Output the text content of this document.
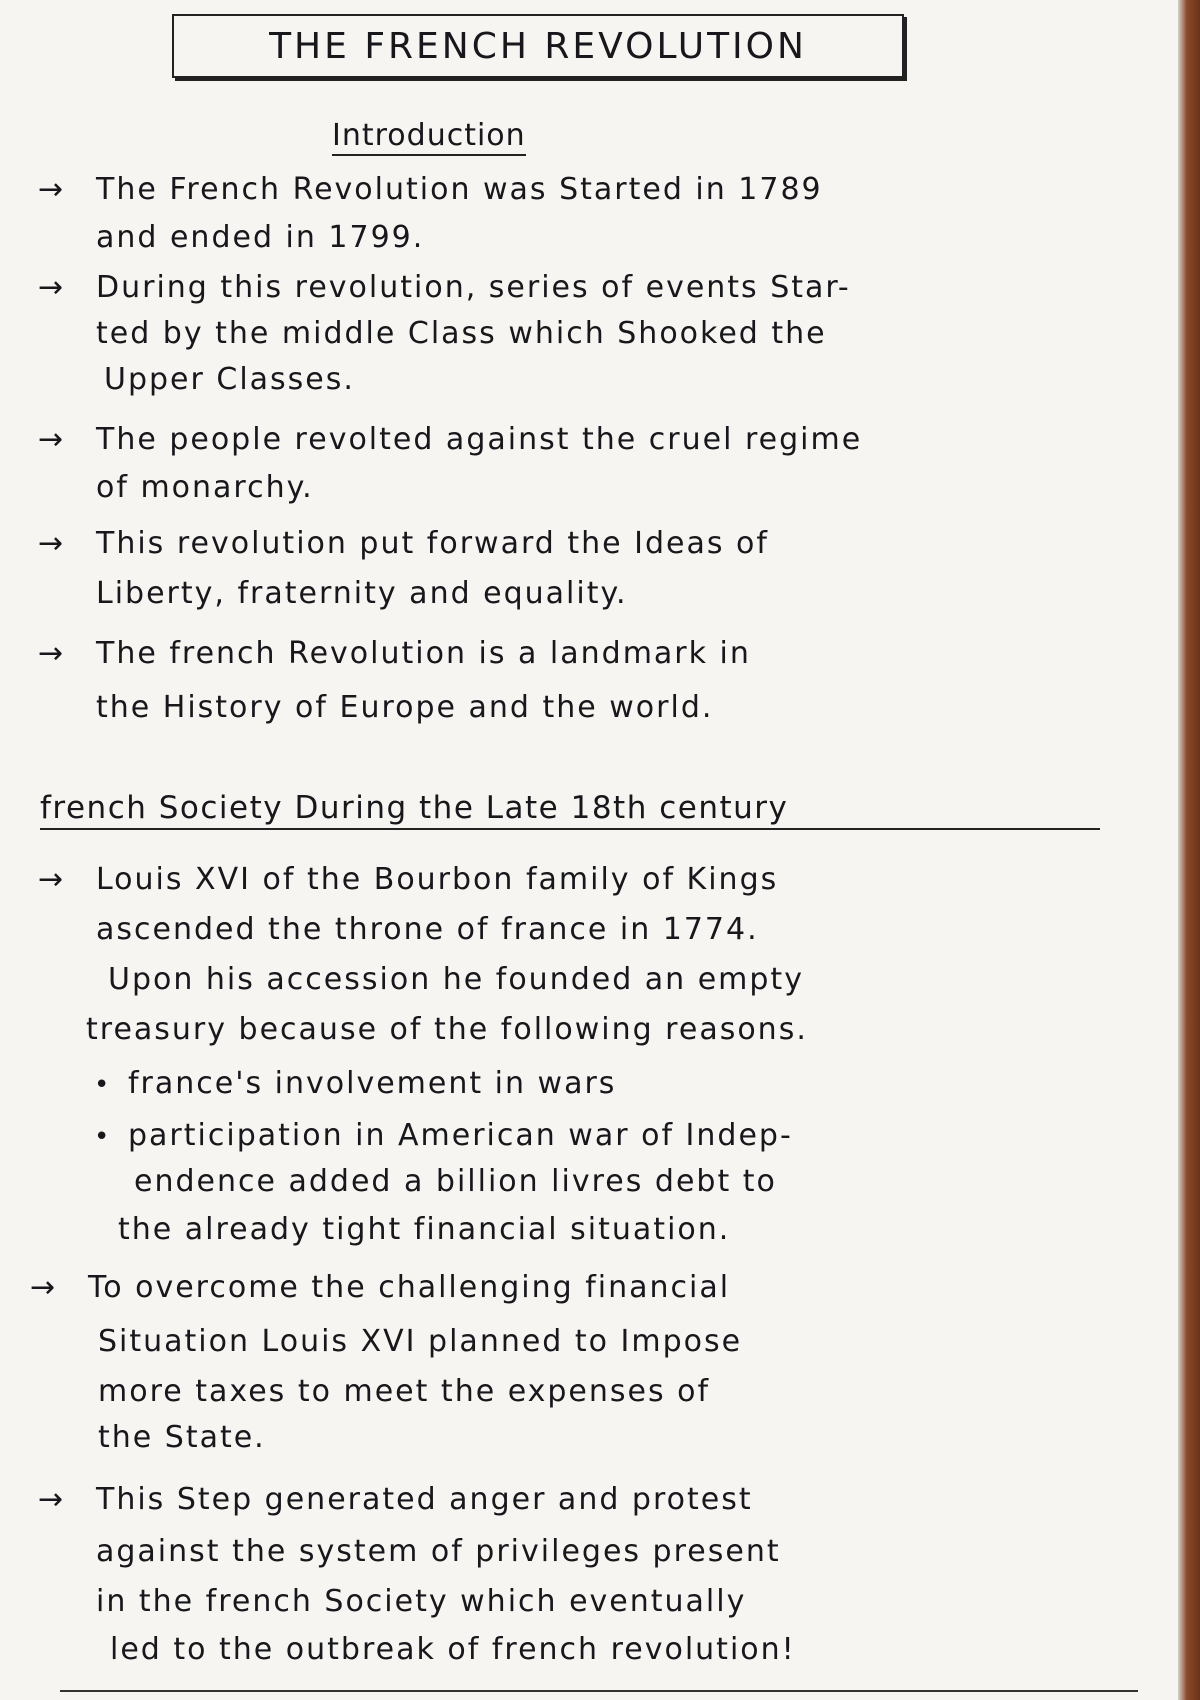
THE FRENCH REVOLUTION
Introduction
→ The French Revolution was Started in 1789
and ended in 1799.
→ During this revolution, series of events Star-
ted by the middle Class which Shooked the
Upper Classes.
→ The people revolted against the cruel regime
of monarchy.
→ This revolution put forward the Ideas of
Liberty, fraternity and equality.
→ The french Revolution is a landmark in
the History of Europe and the world.
french Society During the Late 18th century
→ Louis XVI of the Bourbon family of Kings
ascended the throne of france in 1774.
Upon his accession he founded an empty
treasury because of the following reasons.
• france's involvement in wars
• participation in American war of Indep-
endence added a billion livres debt to
the already tight financial situation.
→ To overcome the challenging financial
Situation Louis XVI planned to Impose
more taxes to meet the expenses of
the State.
→ This Step generated anger and protest
against the system of privileges present
in the french Society which eventually
led to the outbreak of french revolution!
